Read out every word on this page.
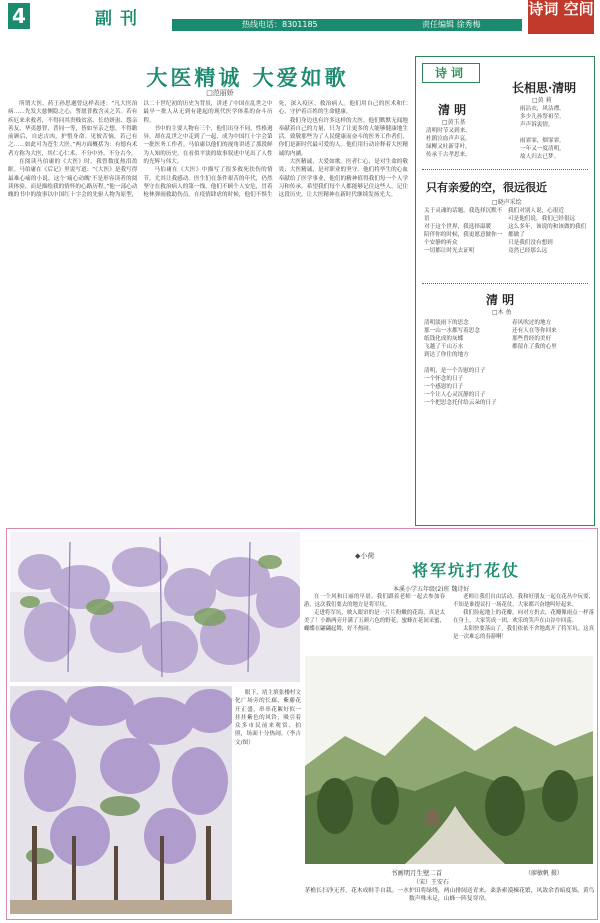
4	副刊	热线电话：8301185	责任编辑 徐秀梅
诗词 空间
大医精诚 大爱如歌
□范丽娇

所谓大医，药王孙思邈曾这样表述：“凡大医治病……先发大慈恻隐之心，誓愿普救含灵之苦。若有疾厄来求救者，不得问其贵贱贫富、长幼妍蚩、怨亲善友、华夷愚智，普同一等，皆如至亲之想。不得瞻前顾后，自虑吉凶，护惜身命。见彼苦恼，若己有之……如此可为苍生大医。”两方面概括为：有德有术者方称为大医，其仁心仁术，不分中外，不分古今。

在阅读马伯庸的《大医》时，我曾数度热泪盈眶。马伯庸在《后记》里说写道：“《大医》是我写得最难心痛的小说，这个‘痛心动魄’不是形容读者的阅读体验，而是描绘我的情怀的心路历程。”他一部心动魄的书中的故事以中国红十字会的先驱人物为原型，以二十世纪初的历史为背景，讲述了中国在乱世之中最早一批人从无到有建起的现代医学体系的奋斗历程。

书中的主要人物有三个，他们出身不同，性格迥异，却在乱世之中走到了一起，成为中国红十字会第一批医务工作者。马伯庸以他们的视角讲述了那段鲜为人知的历史，在看似平淡的故事叙述中见出了人性的光辉与伟大。

马伯庸在《大医》中描写了很多救死扶伤的情节，尤其让我感动。医生们在条件艰苦的年代，仍然坚守在救治病人的第一线，他们不顾个人安危，冒着枪林弹雨救助伤员。在疫情肆虐的时候，他们不惧生死，深入疫区，救治病人。他们用自己的医术和仁心，守护着百姓的生命健康。

我们身边也有许多这样的大医。他们默默无闻地奉献着自己的力量，只为了让更多的人能够健康地生活。致敬那些为了人民健康而奋斗的医务工作者们，你们是新时代最可爱的人。他们用行动诠释着大医精诚的内涵。

大医精诚，大爱如歌。医者仁心，是对生命的敬畏；大医精诚，是对职业的坚守。他们将毕生的心血奉献给了医学事业，他们的精神值得我们每一个人学习和传承。希望我们每个人都能够记住这些人，记住这段历史，让大医精神在新时代继续发扬光大。

诗词
长相思·清明
□黄 莉
雨沾衣，风沾襟。
多少儿孙祭祖茔，
声声诉衷情。

雨霏霏，烟霏霏。
一年又一度清明，
故人归去已梦。
清 明
□黄玉基
清明时节又到来，
杜鹃泣血声声哀。
绿柳又吐新芽叶，
传承千古孝思来。
只有亲爱的空，很远很近
□晓声采绘
关于灵魂的话题，我选择沉默不语
对于这个世界，我选择温暖
陪伴你的时候，我更愿意做你一个安静的听众
一切都让时光去证明
我们对别人说，心很近
可是他们说，我们已经很远
这么多年，该说的和该做的我们都做了
只是我们没有想到
竟然已经那么远
清 明
□木 鱼
清明淡雨下的思念
那一山一水都写着思念
纸钱化成的灰蝶
飞越了千山万水
到达了你住的地方

清明，是一个告慰的日子
一个怀念的日子
一个感恩的日子
一个让人心灵沉静的日子
一个把思念托付给云朵的日子
春风吹过的地方
还有人在等你回来
那些曾经的美好
都留在了我的心里

眼下，靖主填张楼村文化广场旁的长廊，紫藤花开正盛，串串花絮好似一挂挂紫色的风铃，吸引着众多市民前来观赏、拍照，场面十分热闹。（李吉 文/图）

◆小荷
将军坑打花仗
本溪小学五年级(2)班 魏诗好

在一个风和日丽的早晨，我们跟着老师一起去参加春游，这次我们要去的地方是将军坑。

走进将军坑，映入眼帘的是一片片粉嫩的花海，真是太美了！小路两旁开满了五颜六色的野花，蜜蜂在花间采蜜，蝴蝶在翩翩起舞，好不热闹。

老师让我们自由活动。我和好朋友一起在花丛中玩耍，不知是谁提议打一场花仗，大家都兴奋地叫好起来。

我们捡起地上的花瓣，向对方扔去，花瓣像雨点一样落在身上，大家笑成一团，欢乐的笑声在山谷中回荡。

太阳快要落山了，我们依依不舍地离开了将军坑。这真是一次难忘的春游啊！

书画明月生壁二首	（廖敏帆 摄）
（宋）王安石
茅檐长扫净无苔，花木成畦手自栽。一水护田将绿绕，两山排闼送青来。桑条索漠楝花繁，风敛余香暗度墙。黄鸟数声殊未足，山蜂一阵复穿帘。
